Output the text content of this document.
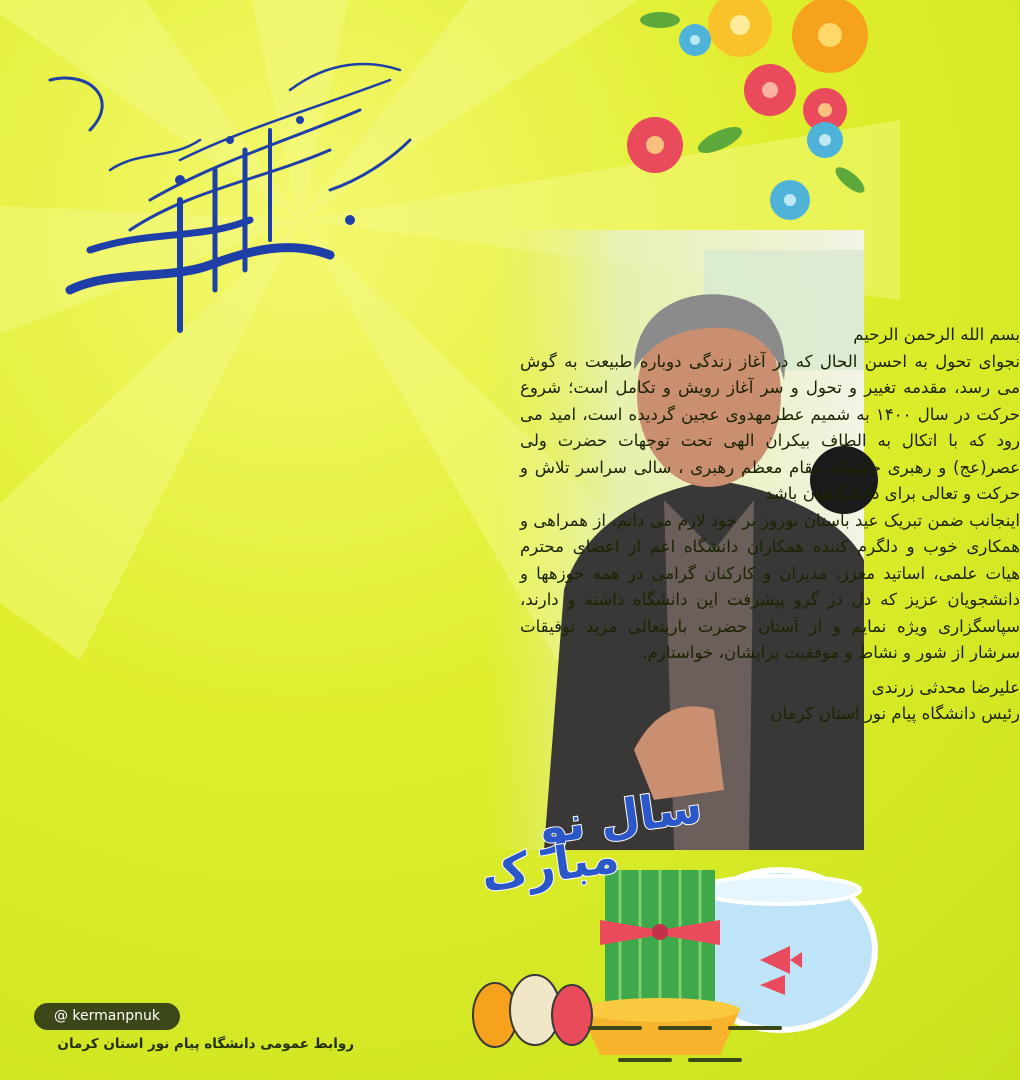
بسم الله الرحمن الرحیم

نجوای تحول به احسن الحال که در آغاز زندگی دوباره طبیعت به گوش می رسد، مقدمه تغییر و تحول و سر آغاز رویش و تکامل است؛ شروع حرکت در سال ۱۴۰۰ به شمیم عطرمهدوی عجین گردیده است، امید می رود که با اتکال به الطاف بیکران الهی تحت توجهات حضرت ولی عصر(عج) و رهبری حکیمانه مقام معظم رهبری ، سالی سراسر تلاش و حرکت و تعالی برای دانشگاهیان باشد

اینجانب ضمن تبریک عید باستان نوروز بر خود لازم می دانم، از همراهی و همکاری خوب و دلگرم کننده همکاران دانشگاه اعم از اعضای محترم هیات علمی، اساتید معزز، مدیران و کارکنان گرامی در همه حوزهها و دانشجویان عزیز که دل در گرو پیشرفت این دانشگاه داشته و دارند، سپاسگزاری ویژه نمایم و از آستان حضرت باریتعالی مزید توفیقات سرشار از شور و نشاط و موفقیت برایشان، خواستارم.

علیرضا محدثی زرندی

رئیس دانشگاه پیام نور استان کرمان

سال نو
مبارک
@ kermanpnuk
روابط عمومی دانشگاه پیام نور استان کرمان
